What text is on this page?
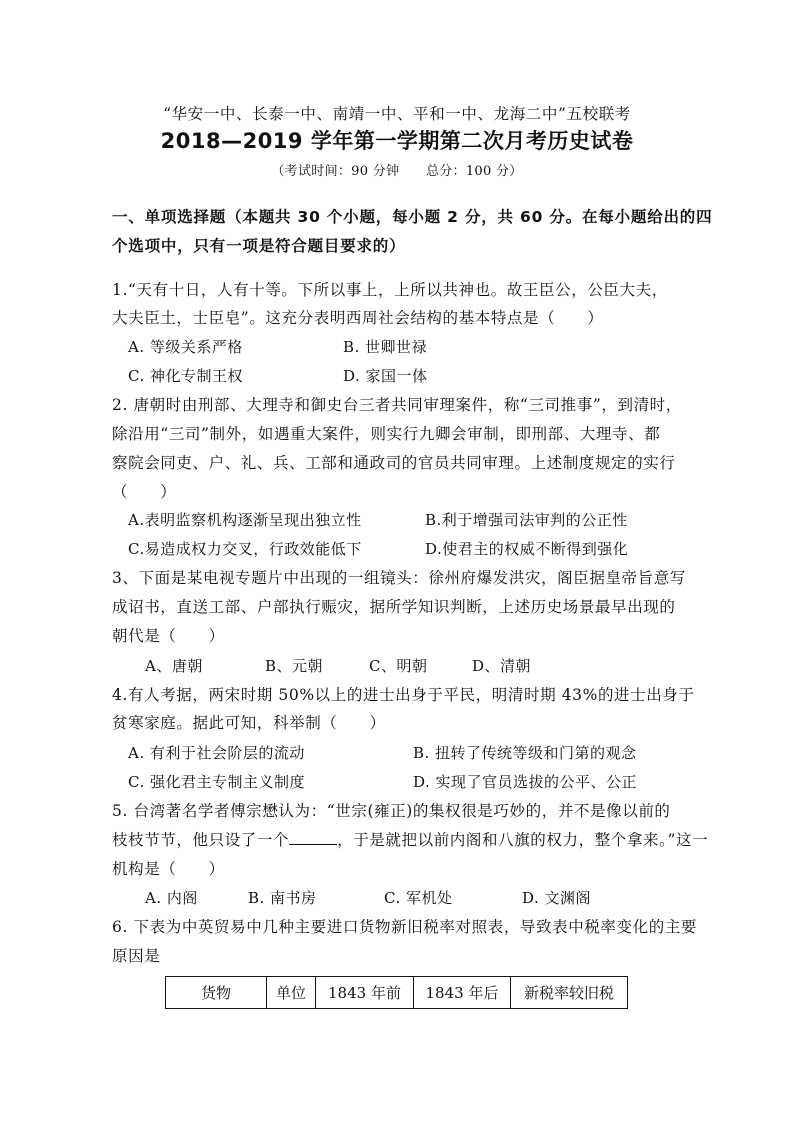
“华安一中、长泰一中、南靖一中、平和一中、龙海二中”五校联考
2018—2019 学年第一学期第二次月考历史试卷
（考试时间：90 分钟　　总分：100 分）
一、单项选择题（本题共 30 个小题，每小题 2 分，共 60 分。在每小题给出的四
个选项中，只有一项是符合题目要求的）
1.“天有十日，人有十等。下所以事上，上所以共神也。故王臣公，公臣大夫，
大夫臣土，士臣皂”。这充分表明西周社会结构的基本特点是（　　）
A. 等级关系严格	B. 世卿世禄
C. 神化专制王权	D. 家国一体
2. 唐朝时由刑部、大理寺和御史台三者共同审理案件，称“三司推事”，到清时，
除沿用“三司”制外，如遇重大案件，则实行九卿会审制，即刑部、大理寺、都
察院会同吏、户、礼、兵、工部和通政司的官员共同审理。上述制度规定的实行
（　　）
A.表明监察机构逐渐呈现出独立性	B.利于增强司法审判的公正性
C.易造成权力交叉，行政效能低下	D.使君主的权威不断得到强化
3、下面是某电视专题片中出现的一组镜头：徐州府爆发洪灾，阁臣据皇帝旨意写
成诏书，直送工部、户部执行赈灾，据所学知识判断，上述历史场景最早出现的
朝代是（　　）
A、唐朝	B、元朝	C、明朝	D、清朝
4.有人考据，两宋时期 50%以上的进士出身于平民，明清时期 43%的进士出身于
贫寒家庭。据此可知，科举制（　　）
A. 有利于社会阶层的流动	B. 扭转了传统等级和门第的观念
C. 强化君主专制主义制度	D. 实现了官员选拔的公平、公正
5. 台湾著名学者傅宗懋认为：“世宗(雍正)的集权很是巧妙的，并不是像以前的
枝枝节节，他只设了一个	，于是就把以前内阁和八旗的权力，整个拿来。”这一
机构是（　　）
A. 内阁	B. 南书房	C. 军机处	D. 文渊阁
6. 下表为中英贸易中几种主要进口货物新旧税率对照表，导致表中税率变化的主要
原因是
货物	单位	1843 年前	1843 年后	新税率较旧税
